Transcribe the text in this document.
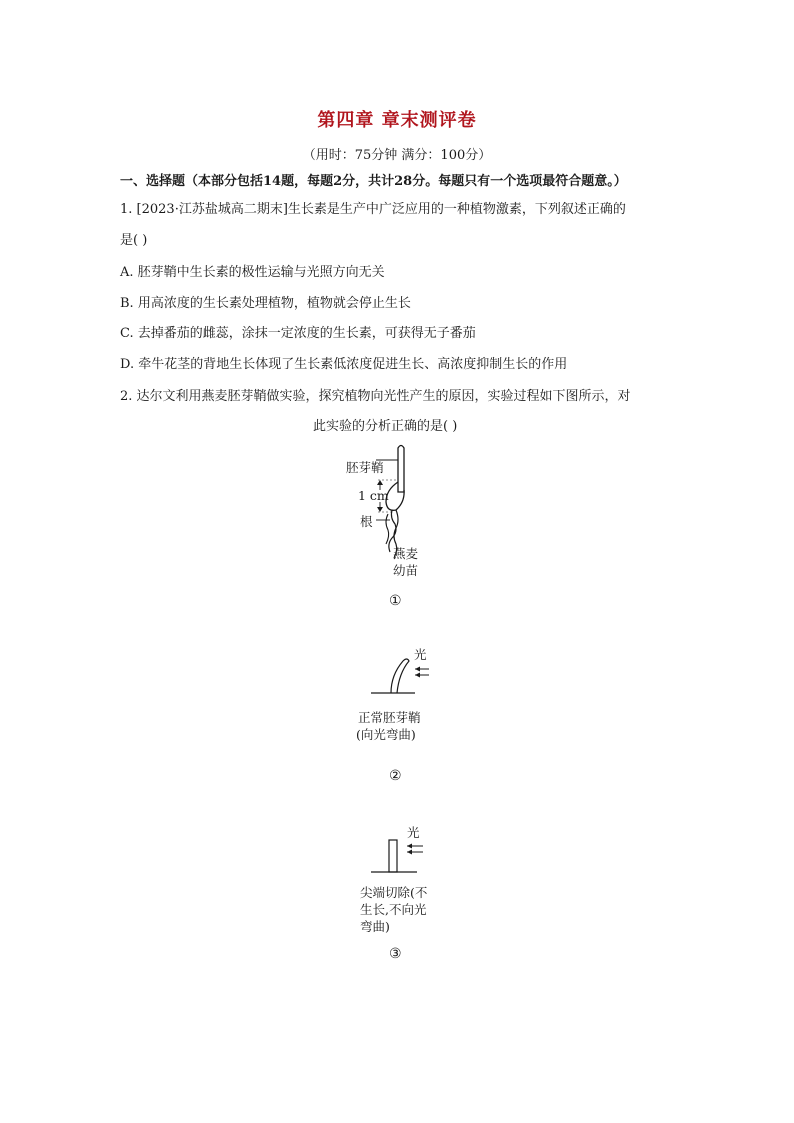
第四章 章末测评卷
（用时：75分钟 满分：100分）
一、选择题（本部分包括14题，每题2分，共计28分。每题只有一个选项最符合题意。）
1. [2023·江苏盐城高二期末]生长素是生产中广泛应用的一种植物激素，下列叙述正确的
是( )
A. 胚芽鞘中生长素的极性运输与光照方向无关
B. 用高浓度的生长素处理植物，植物就会停止生长
C. 去掉番茄的雌蕊，涂抹一定浓度的生长素，可获得无子番茄
D. 牵牛花茎的背地生长体现了生长素低浓度促进生长、高浓度抑制生长的作用
2. 达尔文利用燕麦胚芽鞘做实验，探究植物向光性产生的原因，实验过程如下图所示，对
此实验的分析正确的是( )
胚芽鞘
1 cm
根
燕麦
幼苗
①
光
正常胚芽鞘
(向光弯曲)
②
光
尖端切除(不
生长,不向光
弯曲)
③
